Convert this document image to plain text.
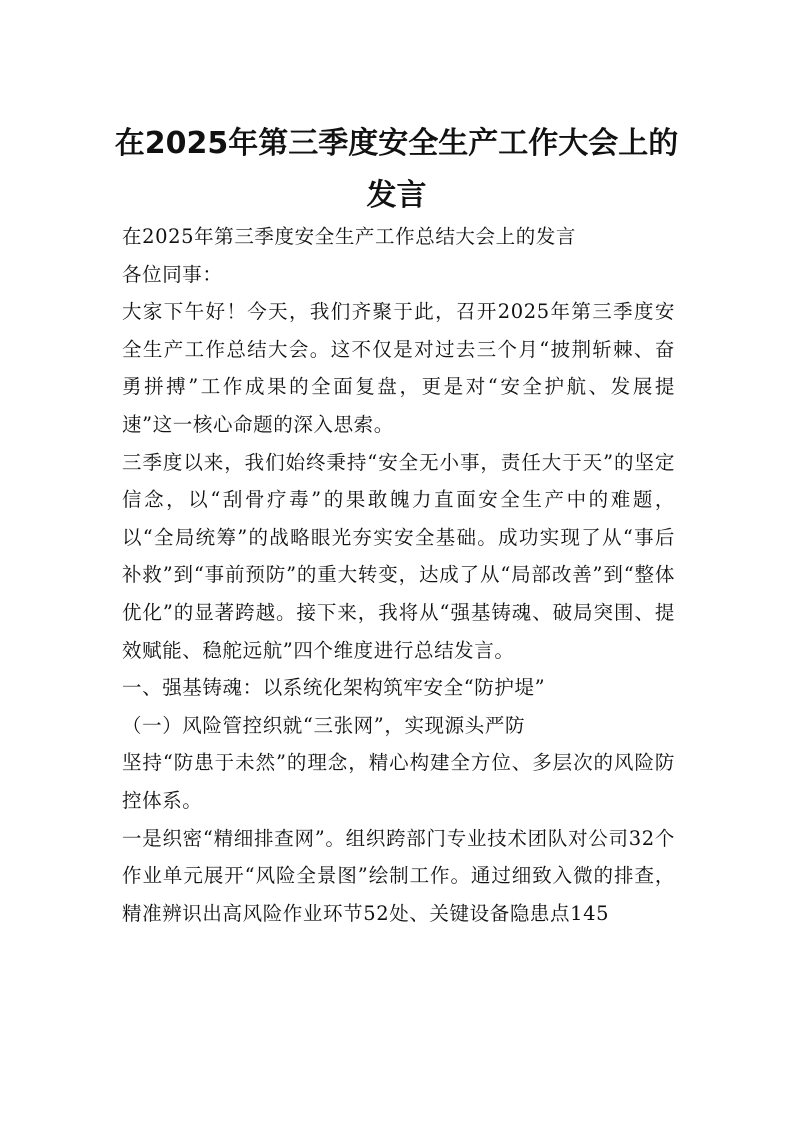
在2025年第三季度安全生产工作大会上的发言

在2025年第三季度安全生产工作总结大会上的发言

各位同事：

大家下午好！今天，我们齐聚于此，召开2025年第三季度安全生产工作总结大会。这不仅是对过去三个月“披荆斩棘、奋勇拼搏”工作成果的全面复盘，更是对“安全护航、发展提速”这一核心命题的深入思索。

三季度以来，我们始终秉持“安全无小事，责任大于天”的坚定信念，以“刮骨疗毒”的果敢魄力直面安全生产中的难题，以“全局统筹”的战略眼光夯实安全基础。成功实现了从“事后补救”到“事前预防”的重大转变，达成了从“局部改善”到“整体优化”的显著跨越。接下来，我将从“强基铸魂、破局突围、提效赋能、稳舵远航”四个维度进行总结发言。

一、强基铸魂：以系统化架构筑牢安全“防护堤”

（一）风险管控织就“三张网”，实现源头严防

坚持“防患于未然”的理念，精心构建全方位、多层次的风险防控体系。

一是织密“精细排查网”。组织跨部门专业技术团队对公司32个作业单元展开“风险全景图”绘制工作。通过细致入微的排查，精准辨识出高风险作业环节52处、关键设备隐患点145
